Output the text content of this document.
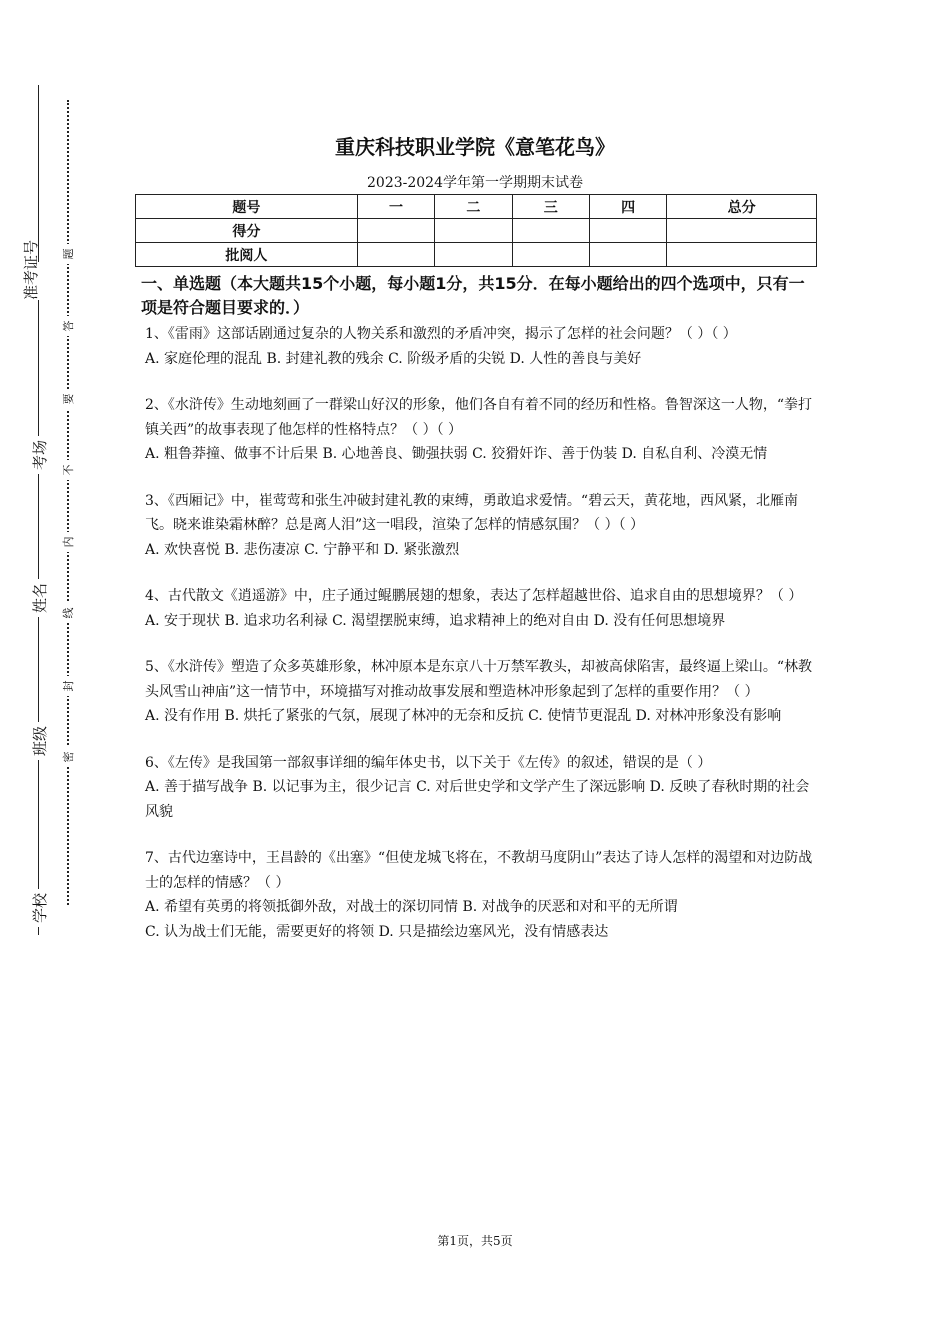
准考证号
考场
姓名
班级
学校
题
答
要
不
内
线
封
密
重庆科技职业学院《意笔花鸟》
2023-2024学年第一学期期末试卷
题号	一	二	三	四	总分
得分					
批阅人					
一、单选题（本大题共15个小题，每小题1分，共15分．在每小题给出的四个选项中，只有一项是符合题目要求的．）

1、《雷雨》这部话剧通过复杂的人物关系和激烈的矛盾冲突，揭示了怎样的社会问题？（ ）（ ）

A. 家庭伦理的混乱 B. 封建礼教的残余 C. 阶级矛盾的尖锐 D. 人性的善良与美好

2、《水浒传》生动地刻画了一群梁山好汉的形象，他们各自有着不同的经历和性格。鲁智深这一人物，“拳打镇关西”的故事表现了他怎样的性格特点？（ ）（ ）

A. 粗鲁莽撞、做事不计后果 B. 心地善良、锄强扶弱 C. 狡猾奸诈、善于伪装 D. 自私自利、冷漠无情

3、《西厢记》中，崔莺莺和张生冲破封建礼教的束缚，勇敢追求爱情。“碧云天，黄花地，西风紧，北雁南飞。晓来谁染霜林醉？总是离人泪”这一唱段，渲染了怎样的情感氛围？（ ）（ ）

A. 欢快喜悦 B. 悲伤凄凉 C. 宁静平和 D. 紧张激烈

4、古代散文《逍遥游》中，庄子通过鲲鹏展翅的想象，表达了怎样超越世俗、追求自由的思想境界？（ ）

A. 安于现状 B. 追求功名利禄 C. 渴望摆脱束缚，追求精神上的绝对自由 D. 没有任何思想境界

5、《水浒传》塑造了众多英雄形象，林冲原本是东京八十万禁军教头，却被高俅陷害，最终逼上梁山。“林教头风雪山神庙”这一情节中，环境描写对推动故事发展和塑造林冲形象起到了怎样的重要作用？（ ）

A. 没有作用 B. 烘托了紧张的气氛，展现了林冲的无奈和反抗 C. 使情节更混乱 D. 对林冲形象没有影响

6、《左传》是我国第一部叙事详细的编年体史书，以下关于《左传》的叙述，错误的是（ ）

A. 善于描写战争 B. 以记事为主，很少记言 C. 对后世史学和文学产生了深远影响 D. 反映了春秋时期的社会风貌

7、古代边塞诗中，王昌龄的《出塞》“但使龙城飞将在，不教胡马度阴山”表达了诗人怎样的渴望和对边防战士的怎样的情感？（ ）

A. 希望有英勇的将领抵御外敌，对战士的深切同情 B. 对战争的厌恶和对和平的无所谓

C. 认为战士们无能，需要更好的将领 D. 只是描绘边塞风光，没有情感表达

第1页，共5页
